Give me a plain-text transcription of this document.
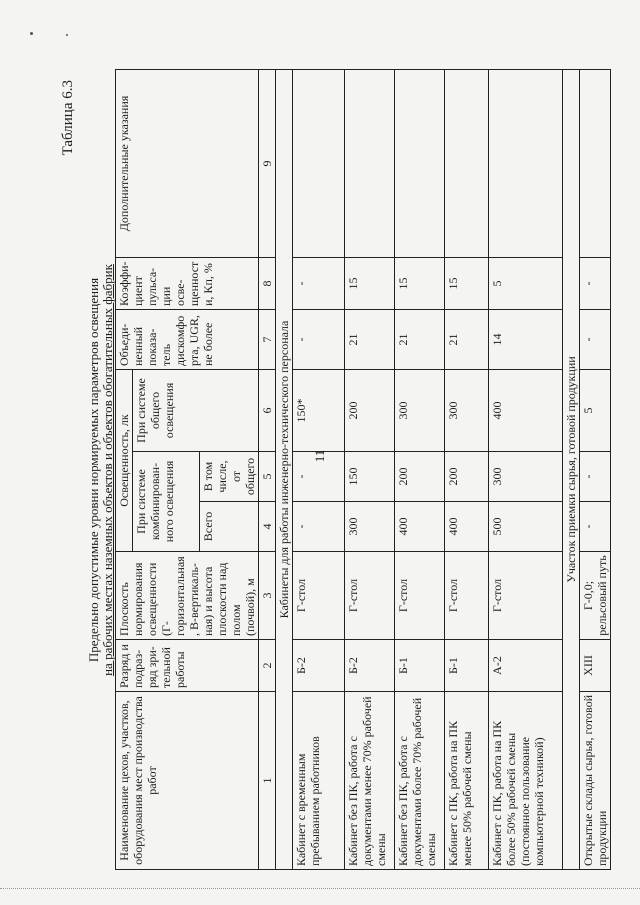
11
Таблица 6.3
Предельно допустимые уровни нормируемых параметров освещения на рабочих местах наземных объектов и объектов обогатительных фабрик
Наименование цехов, участков, оборудования мест производства работ	Разряд и подраз-ряд зри-тельной работы	Плоскость нормирования освещенности (Г-горизонтальная, В-вертикаль-ная) и высота плоскости над полом (почвой), м	Освещенность, лк			Объеди-ненный показа-тель дискомфорта, UGR, не более	Коэффи-циент пульса-ции осве-щенности, Кп, %	Дополнительные указания
			При системе комбинирован-ного освещения		При системе общего освещения			
			Всего	В том числе, от общего				
1	2	3	4	5	6	7	8	9
Кабинеты для работы инженерно-технического персонала								
Кабинет с временным пребыванием работников	Б-2	Г-стол	-	-	150*	-	-	
Кабинет без ПК, работа с документами менее 70% рабочей смены	Б-2	Г-стол	300	150	200	21	15	
Кабинет без ПК, работа с документами более 70% рабочей смены	Б-1	Г-стол	400	200	300	21	15	
Кабинет с ПК, работа на ПК менее 50% рабочей смены	Б-1	Г-стол	400	200	300	21	15	
Кабинет с ПК, работа на ПК более 50% рабочей смены (постоянное пользование компьютерной техникой)	А-2	Г-стол	500	300	400	14	5	
Участок приемки сырья, готовой продукции								
Открытые склады сырья, готовой продукции	XIII	Г-0,0; рельсовый путь	-	-	5	-	-	
